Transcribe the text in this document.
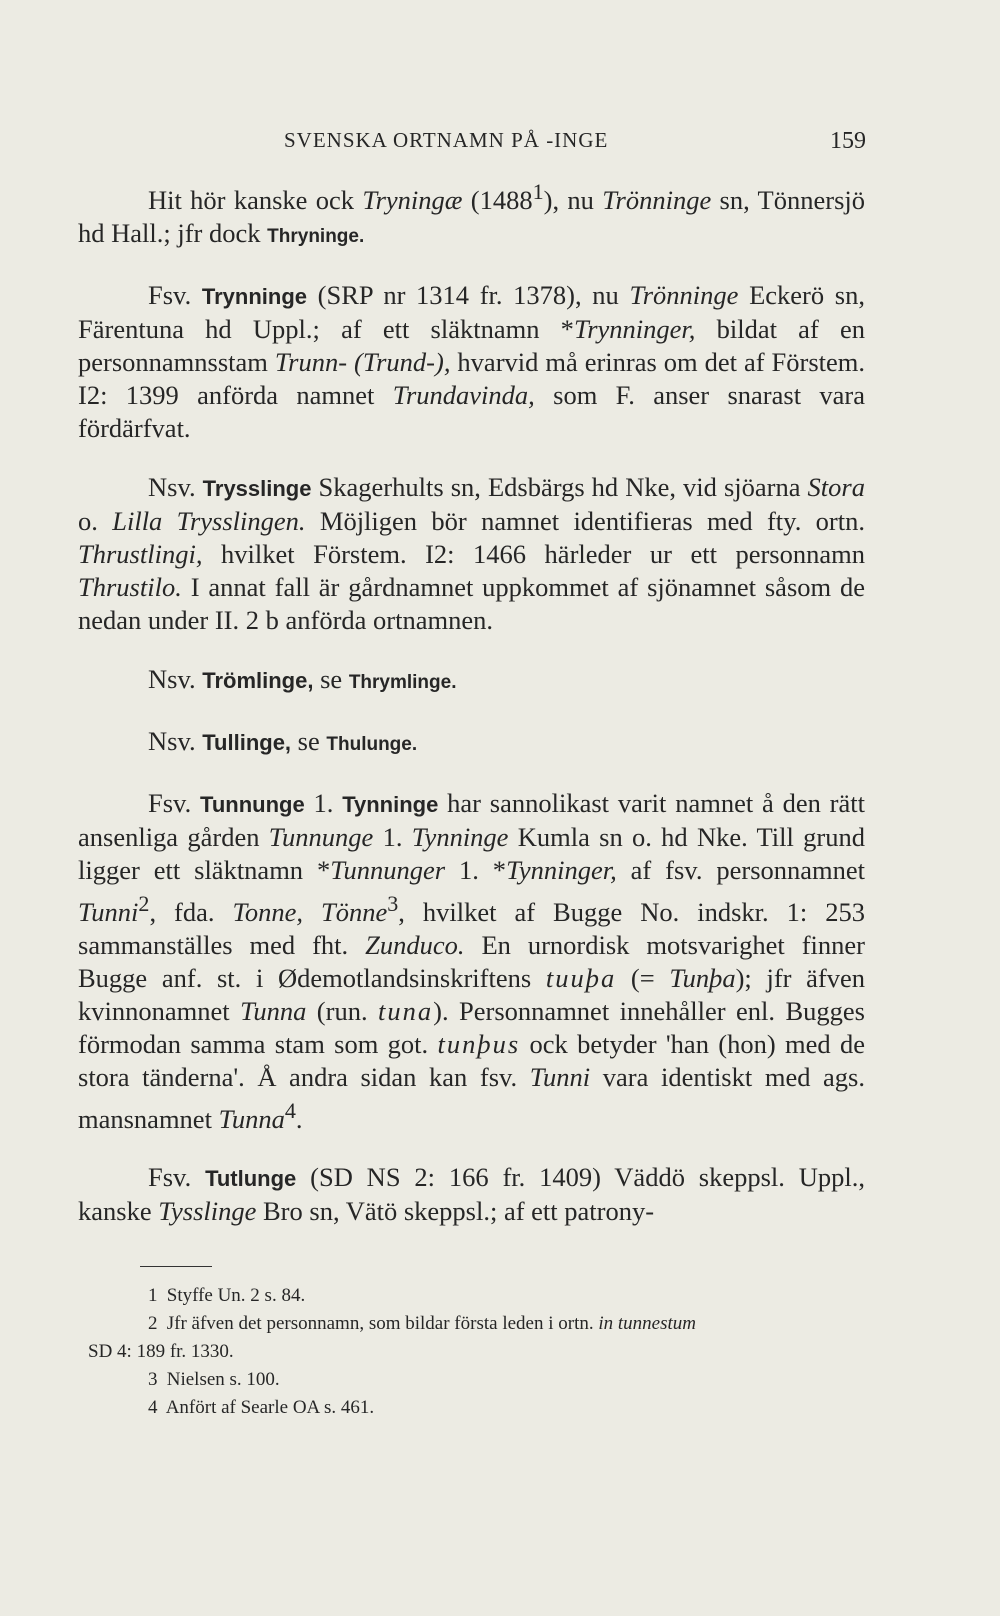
SVENSKA ORTNAMN PÅ -INGE	159

Hit hör kanske ock Tryningæ (1488$^1$), nu Trönninge sn, Tönnersjö hd Hall.; jfr dock Thryninge.

Fsv. Trynninge (SRP nr 1314 fr. 1378), nu Trönninge Eckerö sn, Färentuna hd Uppl.; af ett släktnamn *Trynninger, bildat af en personnamnsstam Trunn- (Trund-), hvarvid må erinras om det af Förstem. I2: 1399 anförda namnet Trundavinda, som F. anser snarast vara fördärfvat.

Nsv. Trysslinge Skagerhults sn, Edsbärgs hd Nke, vid sjöarna Stora o. Lilla Trysslingen. Möjligen bör namnet identifieras med fty. ortn. Thrustlingi, hvilket Förstem. I2: 1466 härleder ur ett personnamn Thrustilo. I annat fall är gårdnamnet uppkommet af sjönamnet såsom de nedan under II. 2 b anförda ortnamnen.

Nsv. Trömlinge, se Thrymlinge.

Nsv. Tullinge, se Thulunge.

Fsv. Tunnunge 1. Tynninge har sannolikast varit namnet å den rätt ansenliga gården Tunnunge 1. Tynninge Kumla sn o. hd Nke. Till grund ligger ett släktnamn *Tunnunger 1. *Tynninger, af fsv. personnamnet Tunni$^2$, fda. Tonne, Tönne$^3$, hvilket af Bugge No. indskr. 1: 253 sammanställes med fht. Zunduco. En urnordisk motsvarighet finner Bugge anf. st. i Ødemotlandsinskriftens tuuþa (= Tunþa); jfr äfven kvinnonamnet Tunna (run. tuna). Personnamnet innehåller enl. Bugges förmodan samma stam som got. tunþus ock betyder 'han (hon) med de stora tänderna'. Å andra sidan kan fsv. Tunni vara identiskt med ags. mansnamnet Tunna$^4$.

Fsv. Tutlunge (SD NS 2: 166 fr. 1409) Väddö skeppsl. Uppl., kanske Tysslinge Bro sn, Vätö skeppsl.; af ett patrony-

1 Styffe Un. 2 s. 84.

2 Jfr äfven det personnamn, som bildar första leden i ortn. in tunnestum

SD 4: 189 fr. 1330.

3 Nielsen s. 100.

4 Anfört af Searle OA s. 461.
